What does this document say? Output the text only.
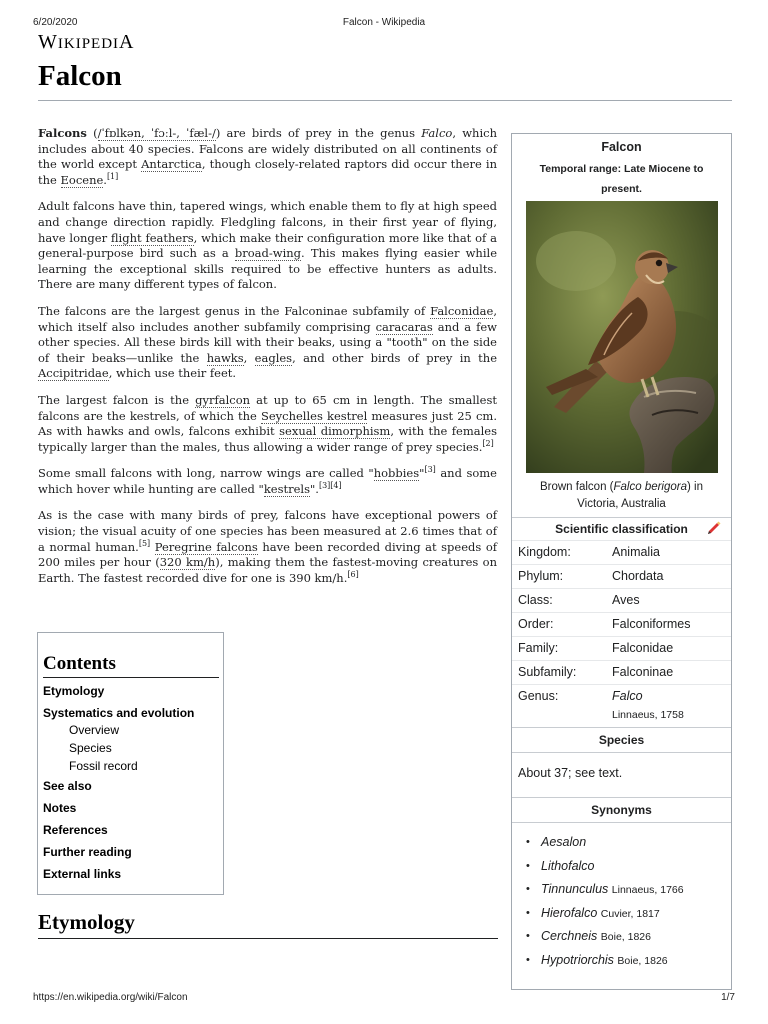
6/20/2020	Falcon - Wikipedia
WIKIPEDIA
Falcon

Falcons (/ˈfɒlkən, ˈfɔːl-, ˈfæl-/) are birds of prey in the genus Falco, which includes about 40 species. Falcons are widely distributed on all continents of the world except Antarctica, though closely-related raptors did occur there in the Eocene.[1]

Adult falcons have thin, tapered wings, which enable them to fly at high speed and change direction rapidly. Fledgling falcons, in their first year of flying, have longer flight feathers, which make their configuration more like that of a general-purpose bird such as a broad-wing. This makes flying easier while learning the exceptional skills required to be effective hunters as adults. There are many different types of falcon.

The falcons are the largest genus in the Falconinae subfamily of Falconidae, which itself also includes another subfamily comprising caracaras and a few other species. All these birds kill with their beaks, using a "tooth" on the side of their beaks—unlike the hawks, eagles, and other birds of prey in the Accipitridae, which use their feet.

The largest falcon is the gyrfalcon at up to 65 cm in length. The smallest falcons are the kestrels, of which the Seychelles kestrel measures just 25 cm. As with hawks and owls, falcons exhibit sexual dimorphism, with the females typically larger than the males, thus allowing a wider range of prey species.[2]

Some small falcons with long, narrow wings are called "hobbies"[3] and some which hover while hunting are called "kestrels".[3][4]

As is the case with many birds of prey, falcons have exceptional powers of vision; the visual acuity of one species has been measured at 2.6 times that of a normal human.[5] Peregrine falcons have been recorded diving at speeds of 200 miles per hour (320 km/h), making them the fastest-moving creatures on Earth. The fastest recorded dive for one is 390 km/h.[6]

Contents
Etymology
Systematics and evolution
Overview
Species
Fossil record
See also
Notes
References
Further reading
External links
Etymology
Falcon
Temporal range: Late Miocene to present.
Brown falcon (Falco berigora) in Victoria, Australia
Scientific classification
Kingdom:	Animalia
Phylum:	Chordata
Class:	Aves
Order:	Falconiformes
Family:	Falconidae
Subfamily:	Falconinae
Genus:	Falco
Linnaeus, 1758
Species
About 37; see text.
Synonyms
• Aesalon
• Lithofalco
• Tinnunculus Linnaeus, 1766
• Hierofalco Cuvier, 1817
• Cerchneis Boie, 1826
• Hypotriorchis Boie, 1826
https://en.wikipedia.org/wiki/Falcon	1/7
